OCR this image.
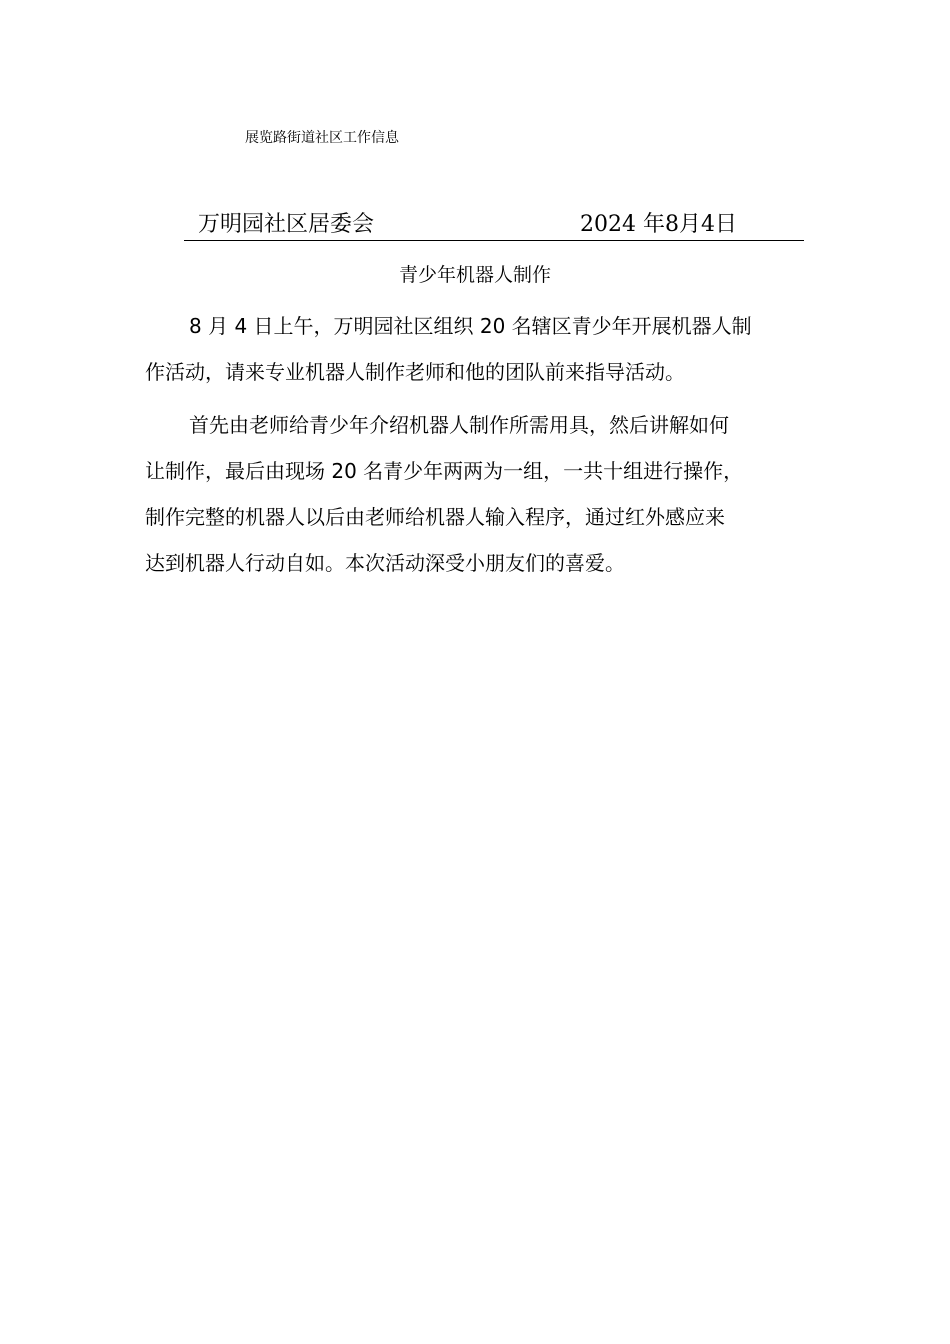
展览路街道社区工作信息
万明园社区居委会	2024 年8月4日
青少年机器人制作
8 月 4 日上午，万明园社区组织 20 名辖区青少年开展机器人制
作活动，请来专业机器人制作老师和他的团队前来指导活动。
首先由老师给青少年介绍机器人制作所需用具，然后讲解如何
让制作，最后由现场 20 名青少年两两为一组，一共十组进行操作，
制作完整的机器人以后由老师给机器人输入程序，通过红外感应来
达到机器人行动自如。本次活动深受小朋友们的喜爱。
